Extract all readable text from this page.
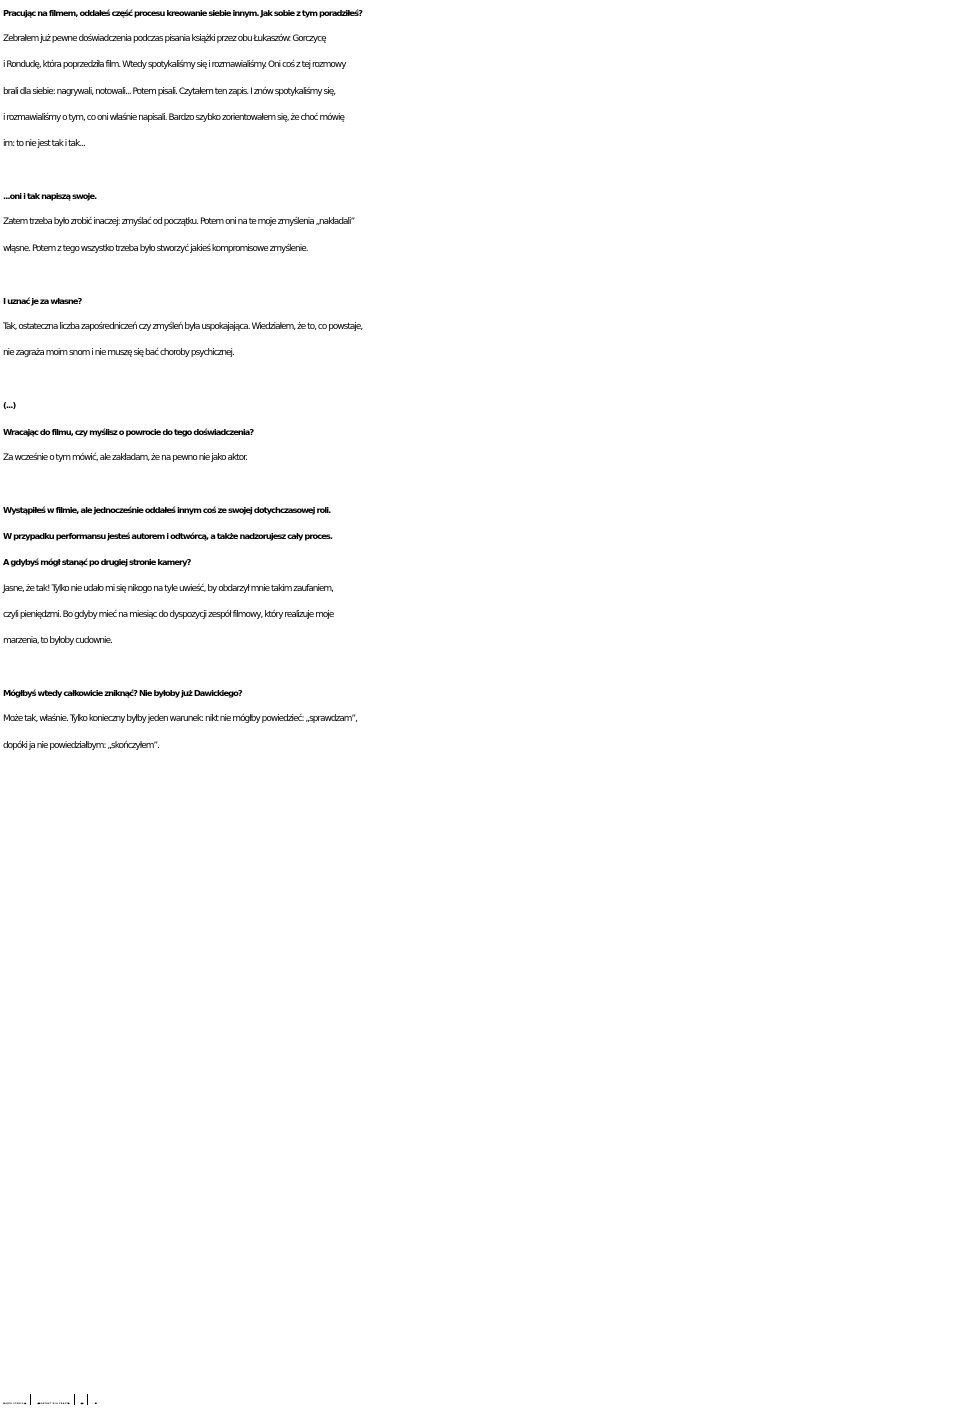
Pracując na filmem, oddałeś część procesu kreowanie siebie innym. Jak sobie z tym poradziłeś?
Zebrałem już pewne doświadczenia podczas pisania książki przez obu Łukaszów: Gorczycę
i Rondudę, która poprzedziła film. Wtedy spotykaliśmy się i rozmawialiśmy. Oni coś z tej rozmowy
brali dla siebie: nagrywali, notowali... Potem pisali. Czytałem ten zapis. I znów spotykaliśmy się,
i rozmawialiśmy o tym, co oni właśnie napisali. Bardzo szybko zorientowałem się, że choć mówię
im: to nie jest tak i tak...
...oni i tak napiszą swoje.
Zatem trzeba było zrobić inaczej: zmyślać od początku. Potem oni na te moje zmyślenia „nakładali”
włąsne. Potem z tego wszystko trzeba było stworzyć jakieś kompromisowe zmyślenie.
I uznać je za własne?
Tak, ostateczna liczba zapośredniczeń czy zmyśleń była uspokajająca. Wiedziałem, że to, co powstaje,
nie zagraża moim snom i nie muszę się bać choroby psychicznej.
(...)
Wracając do filmu, czy myślisz o powrocie do tego doświadczenia?
Za wcześnie o tym mówić, ale zakładam, że na pewno nie jako aktor.
Wystąpiłeś w filmie, ale jednocześnie oddałeś innym coś ze swojej dotychczasowej roli.
W przypadku performansu jesteś autorem i odtwórcą, a także nadzorujesz cały proces.
A gdybyś mógł stanąć po drugiej stronie kamery?
Jasne, że tak! Tylko nie udało mi się nikogo na tyle uwieść, by obdarzył mnie takim zaufaniem,
czyli pieniędzmi. Bo gdyby mieć na miesiąc do dyspozycji zespół filmowy, który realizuje moje
marzenia, to byłoby cudownie.
Mógłbyś wtedy całkowicie zniknąć? Nie byłoby już Dawickiego?
Może tak, właśnie. Tylko konieczny byłby jeden warunek: nikt nie mógłby powiedzieć: „sprawdzam”,
dopóki ja nie powiedziałbym: „skończyłem”.
WAJDA STUDIO www.wajdastudio.pl	www.facebook.pl/performerthemovie KONTAKT DLA PRASY Joanna Solecka	jsolecka@wajdastudio.pl	+48 501 102 878
